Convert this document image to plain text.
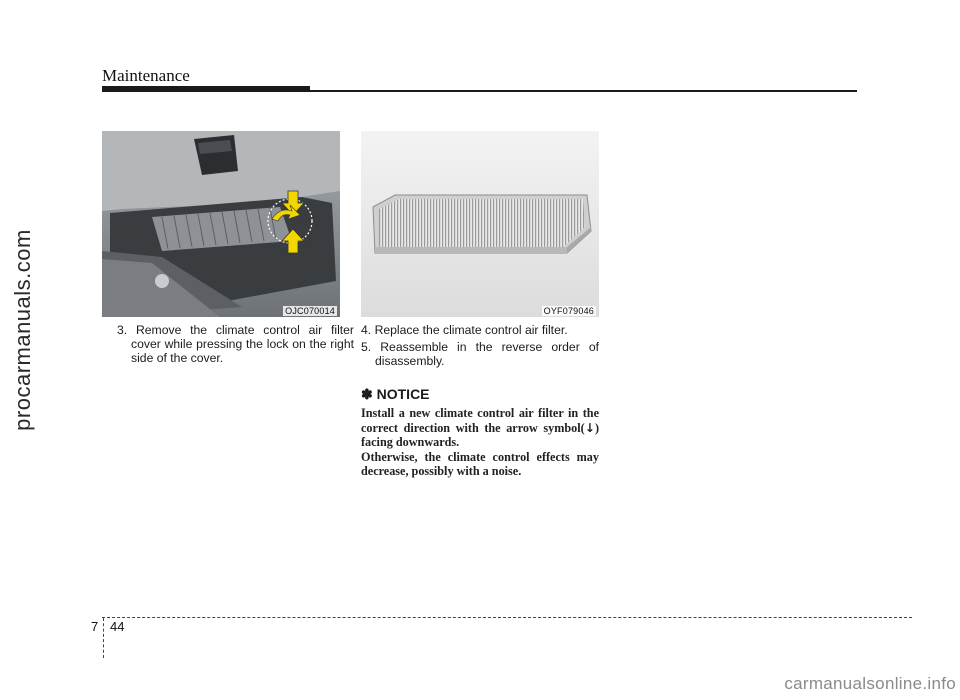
Maintenance
procarmanuals.com	OJC070014	OYF079046
3. Remove the climate control air filter cover while pressing the lock on the right side of the cover.
4. Replace the climate control air filter.
5. Reassemble in the reverse order of disassembly.
✽ NOTICE

Install a new climate control air filter in the correct direction with the arrow symbol(↓) facing downwards.

Otherwise, the climate control effects may decrease, possibly with a noise.

7 44
carmanualsonline.info
